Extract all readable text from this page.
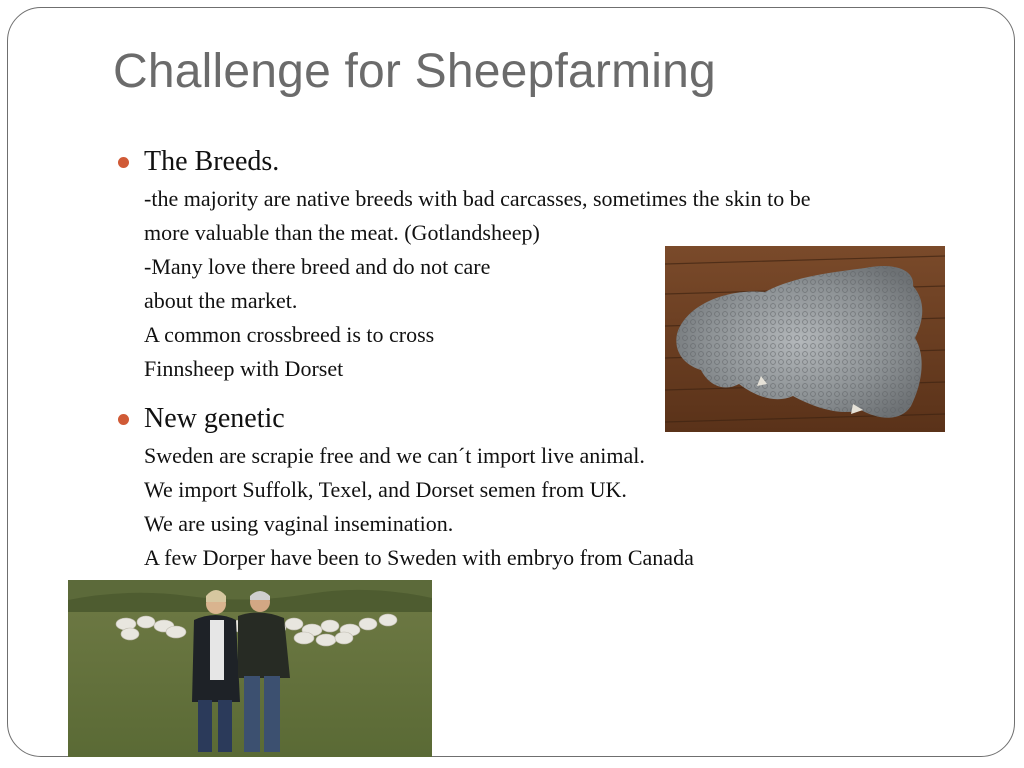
Challenge for Sheepfarming
The Breeds.
-the majority are native breeds with bad carcasses, sometimes the skin to be
more valuable than the meat. (Gotlandsheep)
-Many love there breed and do not care
about the market.
A common crossbreed is to cross
Finnsheep with Dorset
New genetic
Sweden are scrapie free and we can´t import live animal.
We import Suffolk, Texel, and Dorset semen from UK.
We are using vaginal insemination.
A few Dorper have been to Sweden with embryo from Canada
